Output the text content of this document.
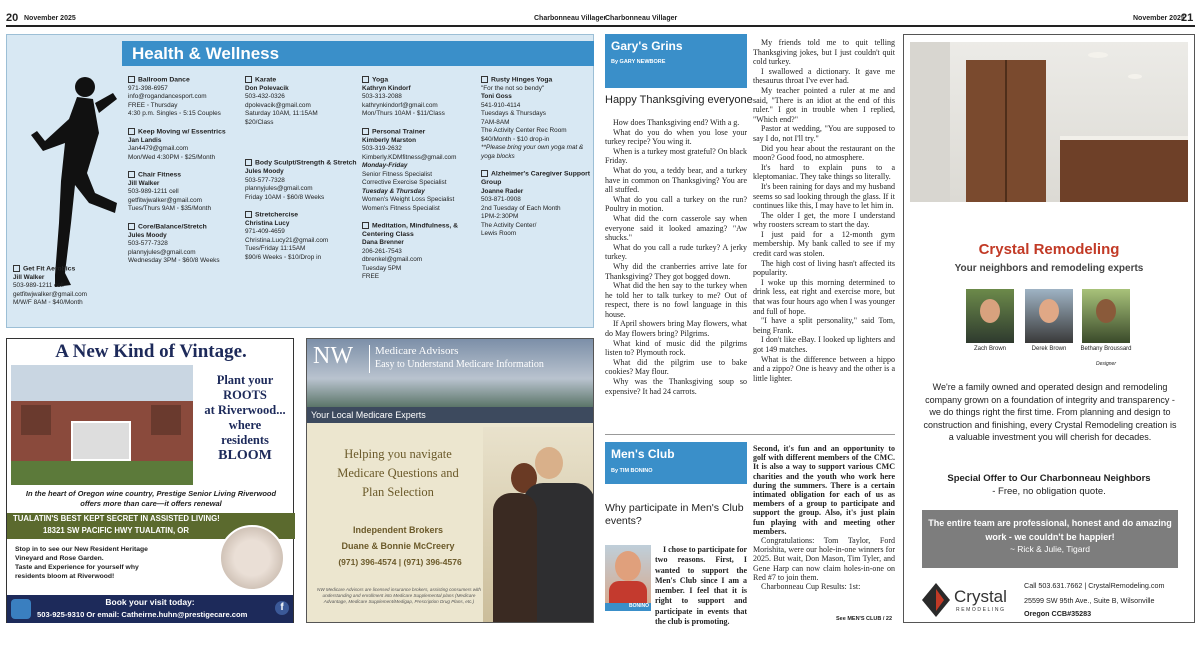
20 November 2025	Charbonneau Villager
Charbonneau Villager	November 2025
21
Health & Wellness
Get Fit Aerobics
Jill Walker
503-989-1211 cell
getfitwjwalker@gmail.com
M/W/F 8AM ◦ $40/Month
Ballroom Dance
971-398-6957
info@rogandancesport.com
FREE ◦ Thursday
4:30 p.m. Singles ◦ 5:15 Couples
Keep Moving w/ Essentrics
Jan Landis
Jan4479@gmail.com
Mon/Wed 4:30PM ◦ $25/Month
Chair Fitness
Jill Walker
503-989-1211 cell
getfitwjwalker@gmail.com
Tues/Thurs 9AM ◦ $35/Month
Core/Balance/Stretch
Jules Moody
503-577-7328
plannyjules@gmail.com
Wednesday 3PM ◦ $60/8 Weeks
Karate
Don Polevacik
503-432-0326
dpolevacik@gmail.com
Saturday 10AM, 11:15AM
$20/Class
Body Sculpt/Strength & Stretch
Jules Moody
503-577-7328
plannyjules@gmail.com
Friday 10AM ◦ $60/8 Weeks
Stretchercise
Christina Lucy
971-409-4659
Christina.Lucy21@gmail.com
Tues/Friday 11:15AM
$90/6 Weeks ◦ $10/Drop in
Yoga
Kathryn Kindorf
503-313-2088
kathrynkindorf@gmail.com
Mon/Thurs 10AM ◦ $11/Class
Personal Trainer
Kimberly Marston
503-319-2632
Kimberly.KDMfitness@gmail.com
Monday-Friday
Senior Fitness Specialist
Corrective Exercise Specialist
Tuesday & Thursday
Women's Weight Loss Specialist
Women's Fitness Specialist
Meditation, Mindfulness, & Centering Class
Dana Brenner
206-261-7543
dbrenkel@gmail.com
Tuesday 5PM
FREE
Rusty Hinges Yoga
"For the not so bendy"
Toni Goss
541-910-4114
Tuesdays & Thursdays
7AM-8AM
The Activity Center Rec Room
$40/Month ◦ $10 drop-in
**Please bring your own yoga mat & yoga blocks
Alzheimer's Caregiver Support Group
Joanne Rader
503-871-0908
2nd Tuesday of Each Month
1PM-2:30PM
The Activity Center/
Lewis Room
A New Kind of Vintage.
Plant your
ROOTS
at Riverwood...
where
residents
BLOOM
In the heart of Oregon wine country, Prestige Senior Living Riverwood offers more than care—it offers renewal
TUALATIN'S BEST KEPT SECRET IN ASSISTED LIVING!
18321 SW PACIFIC HWY TUALATIN, OR
Stop in to see our New Resident Heritage
Vineyard and Rose Garden.
Taste and Experience for yourself why
residents bloom at Riverwood!
Book your visit today:
503-925-9310 Or email: Catheirne.huhn@prestigecare.com
f
NW Medicare Advisors
Easy to Understand Medicare Information
Your Local Medicare Experts
Helping you navigate
Medicare Questions and
Plan Selection
Independent Brokers
Duane & Bonnie McCreery
(971) 396-4574 | (971) 396-4576
NW Medicare Advisors are licensed insurance brokers, assisting consumers with understanding and enrollment into Medicare Supplemental plans (Medicare Advantage, Medicare Supplement/Medigap, Prescription Drug Plans, etc.)
Gary's Grins
By GARY NEWBORE
Happy Thanksgiving everyone

How does Thanksgiving end? With a g.

What do you do when you lose your turkey recipe? You wing it.

When is a turkey most grateful? On black Friday.

What do you, a teddy bear, and a turkey have in common on Thanksgiving? You are all stuffed.

What do you call a turkey on the run? Poultry in motion.

What did the corn casserole say when everyone said it looked amazing? "Aw shucks."

What do you call a rude turkey? A jerky turkey.

Why did the cranberries arrive late for Thanksgiving? They got bogged down.

What did the hen say to the turkey when he told her to talk turkey to me? Out of respect, there is no fowl language in this house.

If April showers bring May flowers, what do May flowers bring? Pilgrims.

What kind of music did the pilgrims listen to? Plymouth rock.

What did the pilgrim use to bake cookies? May flour.

Why was the Thanksgiving soup so expensive? It had 24 carrots.

My friends told me to quit telling Thanksgiving jokes, but I just couldn't quit cold turkey.

I swallowed a dictionary. It gave me thesaurus throat I've ever had.

My teacher pointed a ruler at me and said, "There is an idiot at the end of this ruler." I got in trouble when I replied, "Which end?"

Pastor at wedding, "You are supposed to say I do, not I'll try."

Did you hear about the restaurant on the moon? Good food, no atmosphere.

It's hard to explain puns to a kleptomaniac. They take things so literally.

It's been raining for days and my husband seems so sad looking through the glass. If it continues like this, I may have to let him in.

The older I get, the more I understand why roosters scream to start the day.

I just paid for a 12-month gym membership. My bank called to see if my credit card was stolen.

The high cost of living hasn't affected its popularity.

I woke up this morning determined to drink less, eat right and exercise more, but that was four hours ago when I was younger and full of hope.

"I have a split personality," said Tom, being Frank.

I don't like eBay. I looked up lighters and got 149 matches.

What is the difference between a hippo and a zippo? One is heavy and the other is a little lighter.

Men's Club
By TIM BONINO
Why participate in Men's Club events?
BONINO

I chose to participate for two reasons. First, I wanted to support the Men's Club since I am a member. I feel that it is right to support and participate in events that the club is promoting.

Second, it's fun and an opportunity to golf with different members of the CMC. It is also a way to support various CMC charities and the youth who work here during the summers. There is a certain intimated obligation for each of us as members of a group to participate and support the group. Also, it's just plain fun playing with and meeting other members.

Congratulations: Tom Taylor, Ford Morishita, were our hole-in-one winners for 2025. But wait, Don Mason, Tim Tyler, and Gene Harp can now claim holes-in-one on Red #7 to join them.

Charbonneau Cup Results: 1st:

See MEN'S CLUB / 22
Crystal Remodeling
Your neighbors and remodeling experts
Zach Brown	Derek Brown	Bethany Broussard
Designer
We're a family owned and operated design and remodeling company grown on a foundation of integrity and transparency - we do things right the first time. From planning and design to construction and finishing, every Crystal Remodeling creation is a valuable investment you will cherish for decades.
Special Offer to Our Charbonneau Neighbors
- Free, no obligation quote.
The entire team are professional, honest and do amazing work - we couldn't be happier!
~ Rick & Julie, Tigard
Crystal
REMODELING
Call 503.631.7662 | CrystalRemodeling.com
25599 SW 95th Ave., Suite B, Wilsonville
Oregon CCB#35283
